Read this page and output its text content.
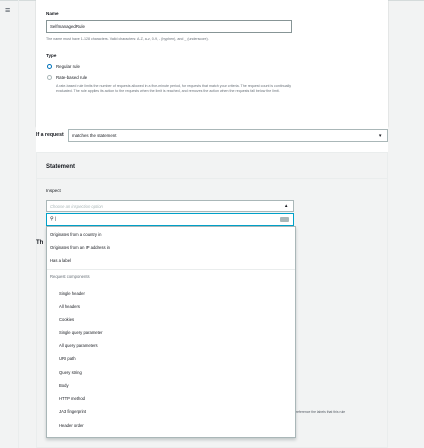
≡	Name
SelfmanagedRule
The name must have 1-128 characters. Valid characters: A-Z, a-z, 0-9, - (hyphen), and _ (underscore).
Type
Regular rule
Rate-based rule
A rate-based rule limits the number of requests allowed in a five-minute period, for requests that match your criteria. The request count is continually evaluated. The rule applies its action to the requests when the limit is reached, and removes the action when the requests fall below the limit.
If a request	matches the statement	▼
Statement
Inspect
Choose an inspection option	▲
⚲ |
Th
reference the labels that this rule
Originates from a country in
Originates from an IP address in
Has a label
Request components
Single header
All headers
Cookies
Single query parameter
All query parameters
URI path
Query string
Body
HTTP method
JA3 fingerprint
Header order
